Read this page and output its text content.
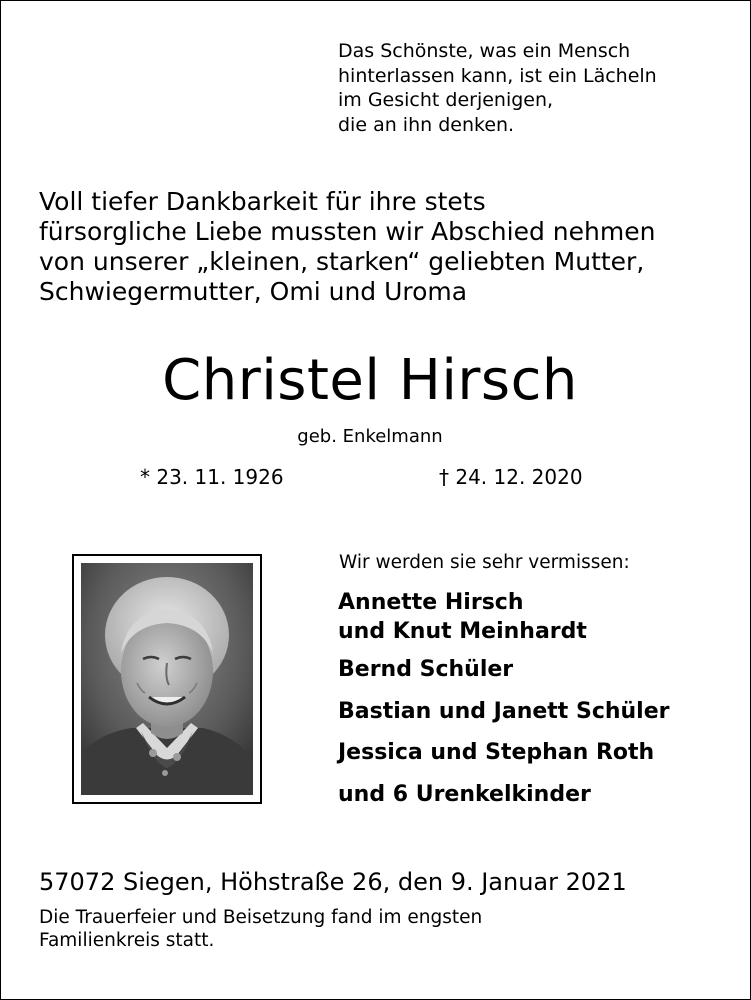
Das Schönste, was ein Mensch
hinterlassen kann, ist ein Lächeln
im Gesicht derjenigen,
die an ihn denken.
Voll tiefer Dankbarkeit für ihre stets
fürsorgliche Liebe mussten wir Abschied nehmen
von unserer „kleinen, starken“ geliebten Mutter,
Schwiegermutter, Omi und Uroma
Christel Hirsch
geb. Enkelmann
* 23. 11. 1926	† 24. 12. 2020
Wir werden sie sehr vermissen:
Annette Hirsch
und Knut Meinhardt
Bernd Schüler
Bastian und Janett Schüler
Jessica und Stephan Roth
und 6 Urenkelkinder
57072 Siegen, Höhstraße 26, den 9. Januar 2021
Die Trauerfeier und Beisetzung fand im engsten
Familienkreis statt.
